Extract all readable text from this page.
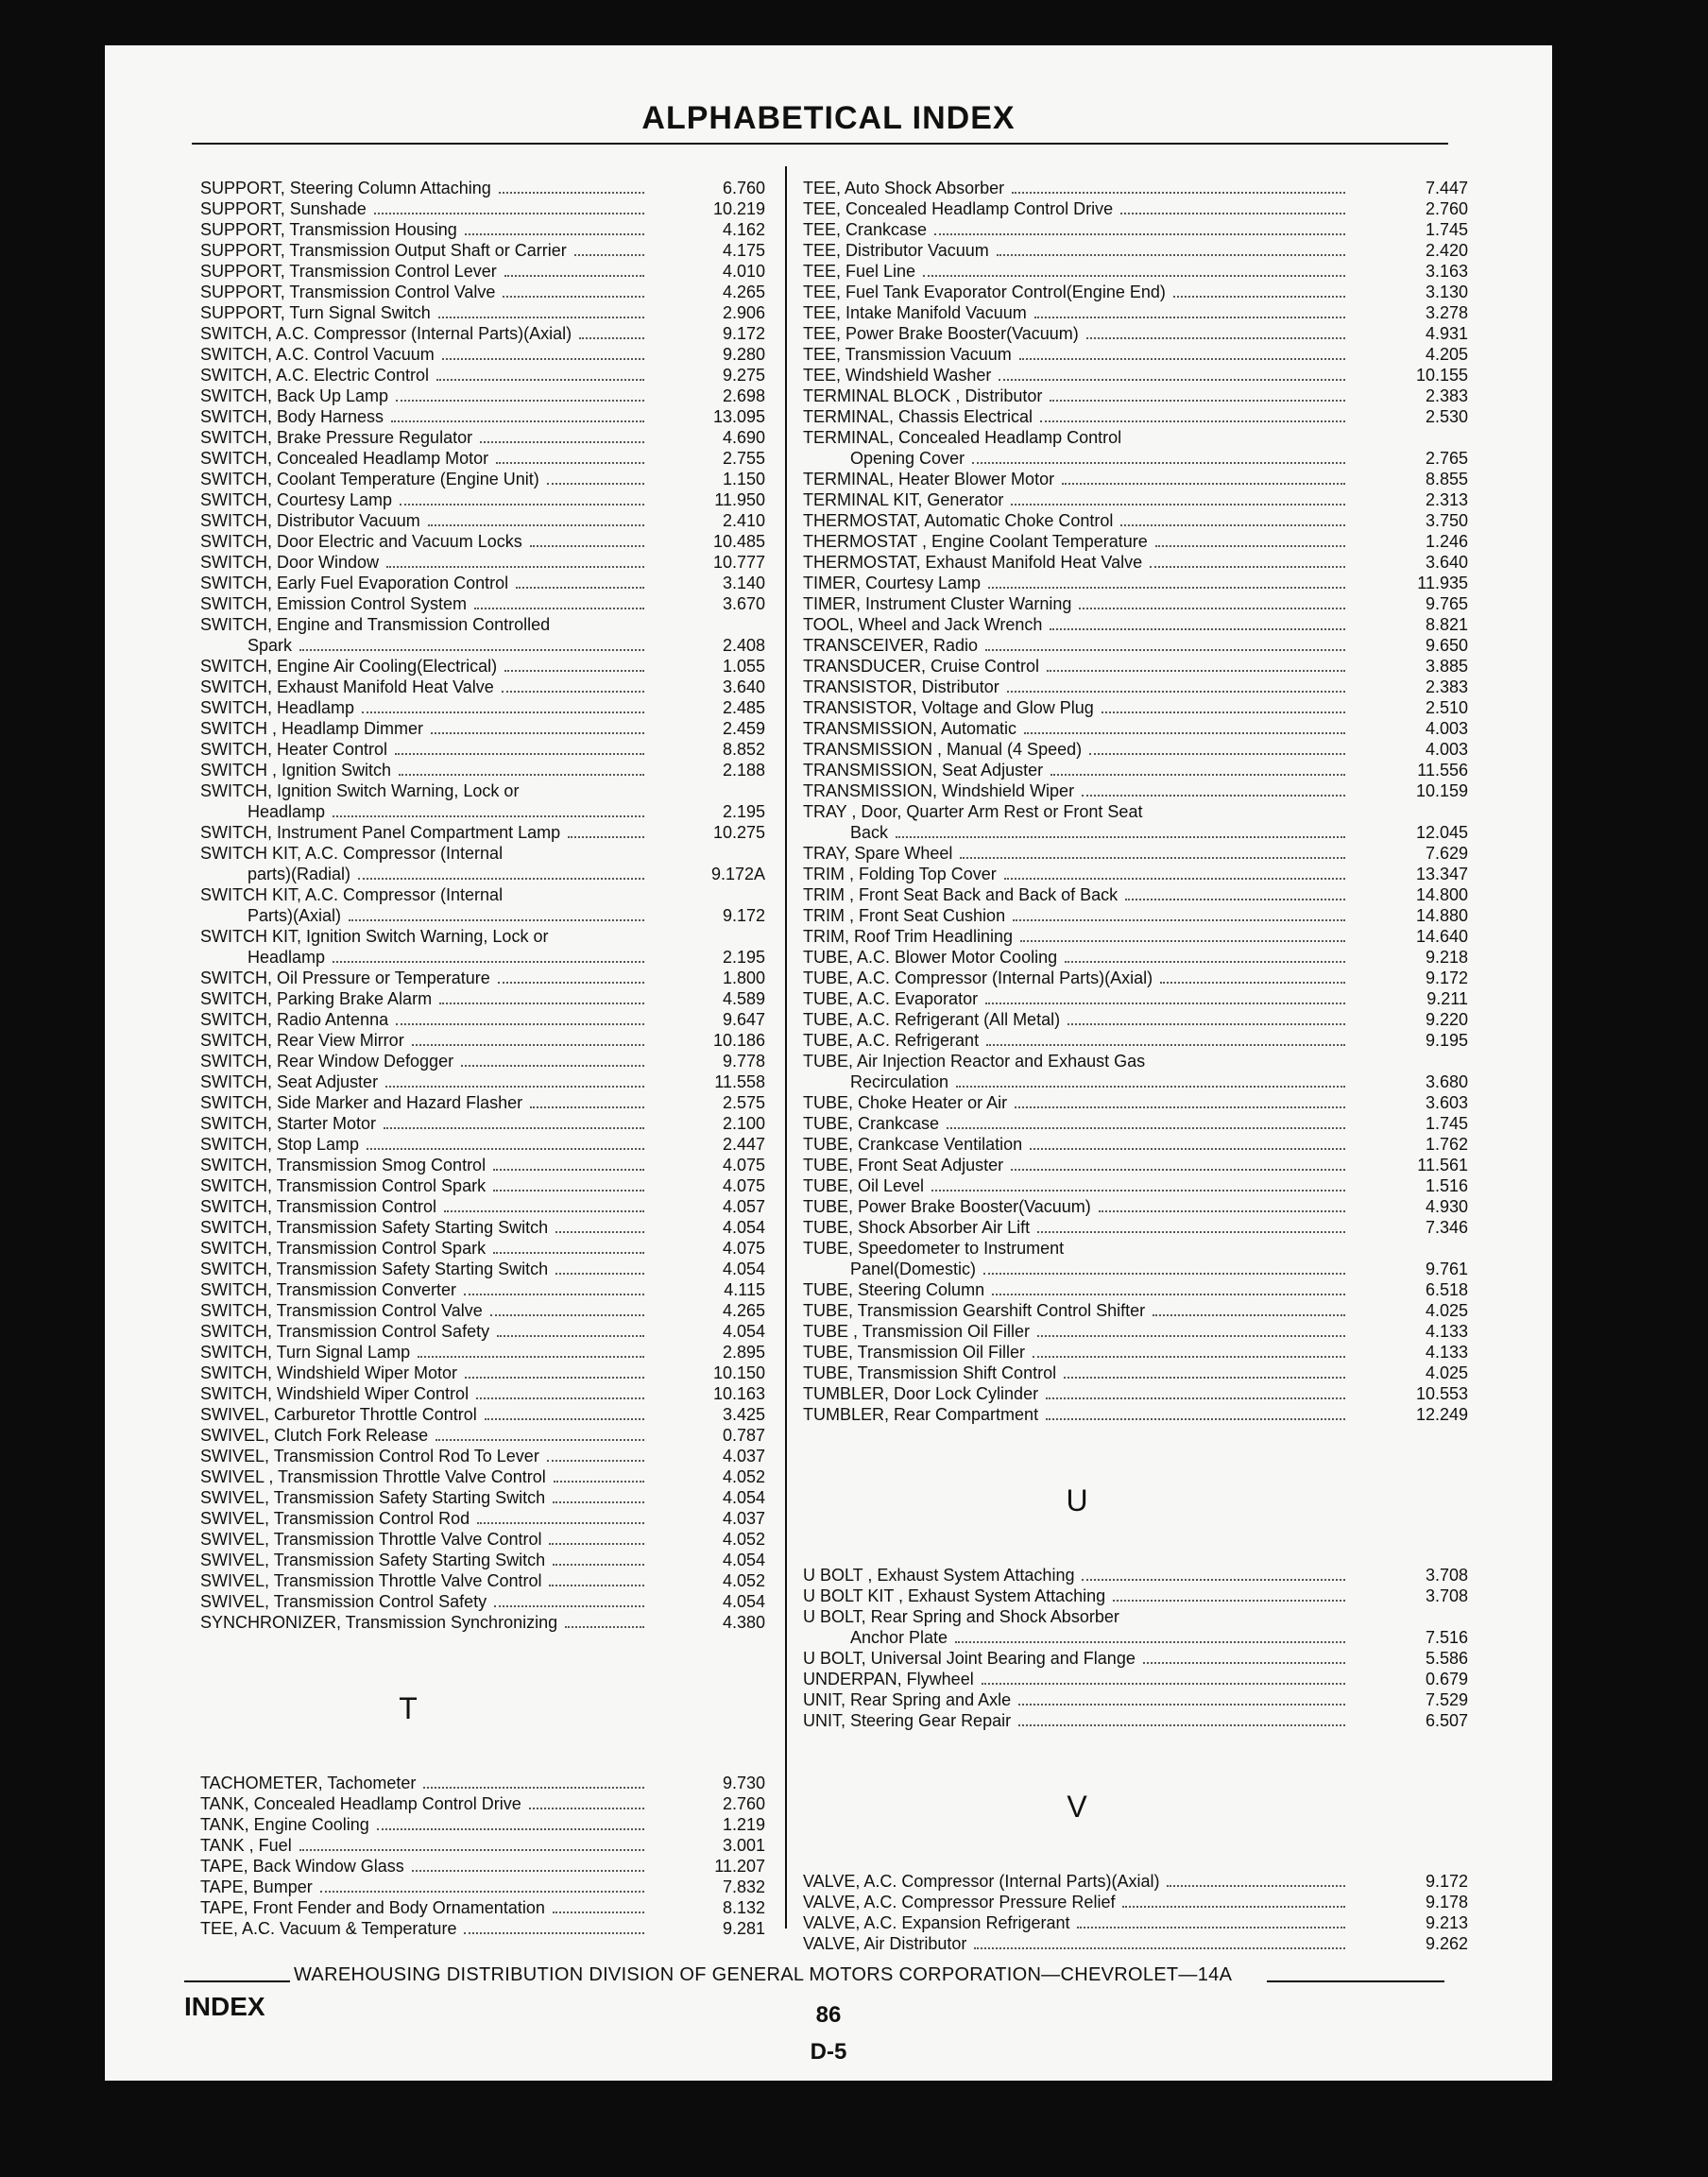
ALPHABETICAL INDEX
SUPPORT, Steering Column Attaching	6.760
SUPPORT, Sunshade	10.219
SUPPORT, Transmission Housing	4.162
SUPPORT, Transmission Output Shaft or Carrier	4.175
SUPPORT, Transmission Control Lever	4.010
SUPPORT, Transmission Control Valve	4.265
SUPPORT, Turn Signal Switch	2.906
SWITCH, A.C. Compressor (Internal Parts)(Axial)	9.172
SWITCH, A.C. Control Vacuum	9.280
SWITCH, A.C. Electric Control	9.275
SWITCH, Back Up Lamp	2.698
SWITCH, Body Harness	13.095
SWITCH, Brake Pressure Regulator	4.690
SWITCH, Concealed Headlamp Motor	2.755
SWITCH, Coolant Temperature (Engine Unit)	1.150
SWITCH, Courtesy Lamp	11.950
SWITCH, Distributor Vacuum	2.410
SWITCH, Door Electric and Vacuum Locks	10.485
SWITCH, Door Window	10.777
SWITCH, Early Fuel Evaporation Control	3.140
SWITCH, Emission Control System	3.670
SWITCH, Engine and Transmission Controlled
Spark	2.408
SWITCH, Engine Air Cooling(Electrical)	1.055
SWITCH, Exhaust Manifold Heat Valve	3.640
SWITCH, Headlamp	2.485
SWITCH , Headlamp Dimmer	2.459
SWITCH, Heater Control	8.852
SWITCH , Ignition Switch	2.188
SWITCH, Ignition Switch Warning, Lock or
Headlamp	2.195
SWITCH, Instrument Panel Compartment Lamp	10.275
SWITCH KIT, A.C. Compressor (Internal
parts)(Radial)	9.172A
SWITCH KIT, A.C. Compressor (Internal
Parts)(Axial)	9.172
SWITCH KIT, Ignition Switch Warning, Lock or
Headlamp	2.195
SWITCH, Oil Pressure or Temperature	1.800
SWITCH, Parking Brake Alarm	4.589
SWITCH, Radio Antenna	9.647
SWITCH, Rear View Mirror	10.186
SWITCH, Rear Window Defogger	9.778
SWITCH, Seat Adjuster	11.558
SWITCH, Side Marker and Hazard Flasher	2.575
SWITCH, Starter Motor	2.100
SWITCH, Stop Lamp	2.447
SWITCH, Transmission Smog Control	4.075
SWITCH, Transmission Control Spark	4.075
SWITCH, Transmission Control	4.057
SWITCH, Transmission Safety Starting Switch	4.054
SWITCH, Transmission Control Spark	4.075
SWITCH, Transmission Safety Starting Switch	4.054
SWITCH, Transmission Converter	4.115
SWITCH, Transmission Control Valve	4.265
SWITCH, Transmission Control Safety	4.054
SWITCH, Turn Signal Lamp	2.895
SWITCH, Windshield Wiper Motor	10.150
SWITCH, Windshield Wiper Control	10.163
SWIVEL, Carburetor Throttle Control	3.425
SWIVEL, Clutch Fork Release	0.787
SWIVEL, Transmission Control Rod To Lever	4.037
SWIVEL , Transmission Throttle Valve Control	4.052
SWIVEL, Transmission Safety Starting Switch	4.054
SWIVEL, Transmission Control Rod	4.037
SWIVEL, Transmission Throttle Valve Control	4.052
SWIVEL, Transmission Safety Starting Switch	4.054
SWIVEL, Transmission Throttle Valve Control	4.052
SWIVEL, Transmission Control Safety	4.054
SYNCHRONIZER, Transmission Synchronizing	4.380
T
TACHOMETER, Tachometer	9.730
TANK, Concealed Headlamp Control Drive	2.760
TANK, Engine Cooling	1.219
TANK , Fuel	3.001
TAPE, Back Window Glass	11.207
TAPE, Bumper	7.832
TAPE, Front Fender and Body Ornamentation	8.132
TEE, A.C. Vacuum & Temperature	9.281
TEE, Auto Shock Absorber	7.447
TEE, Concealed Headlamp Control Drive	2.760
TEE, Crankcase	1.745
TEE, Distributor Vacuum	2.420
TEE, Fuel Line	3.163
TEE, Fuel Tank Evaporator Control(Engine End)	3.130
TEE, Intake Manifold Vacuum	3.278
TEE, Power Brake Booster(Vacuum)	4.931
TEE, Transmission Vacuum	4.205
TEE, Windshield Washer	10.155
TERMINAL BLOCK , Distributor	2.383
TERMINAL, Chassis Electrical	2.530
TERMINAL, Concealed Headlamp Control
Opening Cover	2.765
TERMINAL, Heater Blower Motor	8.855
TERMINAL KIT, Generator	2.313
THERMOSTAT, Automatic Choke Control	3.750
THERMOSTAT , Engine Coolant Temperature	1.246
THERMOSTAT, Exhaust Manifold Heat Valve	3.640
TIMER, Courtesy Lamp	11.935
TIMER, Instrument Cluster Warning	9.765
TOOL, Wheel and Jack Wrench	8.821
TRANSCEIVER, Radio	9.650
TRANSDUCER, Cruise Control	3.885
TRANSISTOR, Distributor	2.383
TRANSISTOR, Voltage and Glow Plug	2.510
TRANSMISSION, Automatic	4.003
TRANSMISSION , Manual (4 Speed)	4.003
TRANSMISSION, Seat Adjuster	11.556
TRANSMISSION, Windshield Wiper	10.159
TRAY , Door, Quarter Arm Rest or Front Seat
Back	12.045
TRAY, Spare Wheel	7.629
TRIM , Folding Top Cover	13.347
TRIM , Front Seat Back and Back of Back	14.800
TRIM , Front Seat Cushion	14.880
TRIM, Roof Trim Headlining	14.640
TUBE, A.C. Blower Motor Cooling	9.218
TUBE, A.C. Compressor (Internal Parts)(Axial)	9.172
TUBE, A.C. Evaporator	9.211
TUBE, A.C. Refrigerant (All Metal)	9.220
TUBE, A.C. Refrigerant	9.195
TUBE, Air Injection Reactor and Exhaust Gas
Recirculation	3.680
TUBE, Choke Heater or Air	3.603
TUBE, Crankcase	1.745
TUBE, Crankcase Ventilation	1.762
TUBE, Front Seat Adjuster	11.561
TUBE, Oil Level	1.516
TUBE, Power Brake Booster(Vacuum)	4.930
TUBE, Shock Absorber Air Lift	7.346
TUBE, Speedometer to Instrument
Panel(Domestic)	9.761
TUBE, Steering Column	6.518
TUBE, Transmission Gearshift Control Shifter	4.025
TUBE , Transmission Oil Filler	4.133
TUBE, Transmission Oil Filler	4.133
TUBE, Transmission Shift Control	4.025
TUMBLER, Door Lock Cylinder	10.553
TUMBLER, Rear Compartment	12.249
U
U BOLT , Exhaust System Attaching	3.708
U BOLT KIT , Exhaust System Attaching	3.708
U BOLT, Rear Spring and Shock Absorber
Anchor Plate	7.516
U BOLT, Universal Joint Bearing and Flange	5.586
UNDERPAN, Flywheel	0.679
UNIT, Rear Spring and Axle	7.529
UNIT, Steering Gear Repair	6.507
V
VALVE, A.C. Compressor (Internal Parts)(Axial)	9.172
VALVE, A.C. Compressor Pressure Relief	9.178
VALVE, A.C. Expansion Refrigerant	9.213
VALVE, Air Distributor	9.262
WAREHOUSING DISTRIBUTION DIVISION OF GENERAL MOTORS CORPORATION—CHEVROLET—14A
INDEX	86
D-5
